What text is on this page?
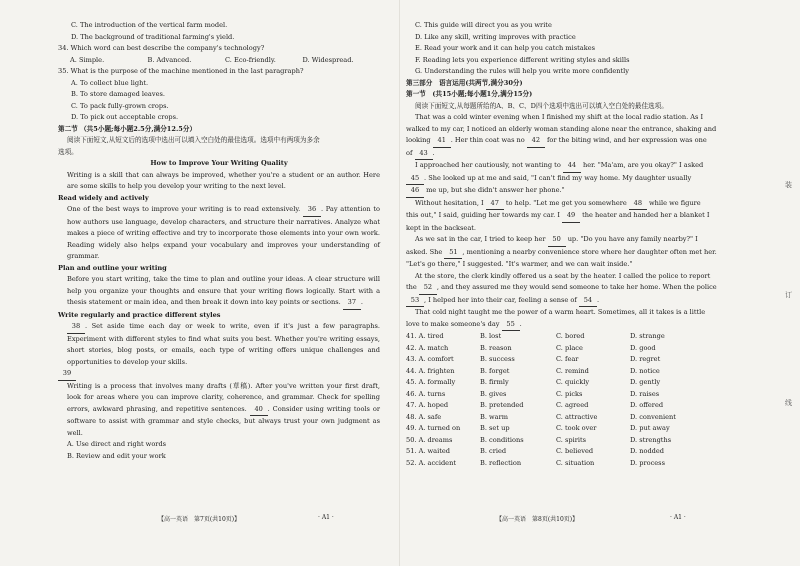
C. The introduction of the vertical farm model.
D. The background of traditional farming's yield.
34. Which word can best describe the company's technology?
A. Simple.	B. Advanced.	C. Eco-friendly.	D. Widespread.
35. What is the purpose of the machine mentioned in the last paragraph?
A. To collect blue light.
B. To store damaged leaves.
C. To pack fully-grown crops.
D. To pick out acceptable crops.
第二节 （共5小题;每小题2.5分,满分12.5分）
阅读下面短文,从短文后的选项中选出可以填入空白处的最佳选项。选项中有两项为多余
选项。
How to Improve Your Writing Quality
Writing is a skill that can always be improved, whether you're a student or an author. Here are some skills to help you develop your writing to the next level.
Read widely and actively
One of the best ways to improve your writing is to read extensively. 36 . Pay attention to how authors use language, develop characters, and structure their narratives. Analyze what makes a piece of writing effective and try to incorporate those elements into your own work. Reading widely also helps expand your vocabulary and improves your understanding of grammar.
Plan and outline your writing
Before you start writing, take the time to plan and outline your ideas. A clear structure will help you organize your thoughts and ensure that your writing flows logically. Start with a thesis statement or main idea, and then break it down into key points or sections. 37 .
Write regularly and practice different styles
38 . Set aside time each day or week to write, even if it's just a few paragraphs. Experiment with different styles to find what suits you best. Whether you're writing essays, short stories, blog posts, or emails, each type of writing offers unique challenges and opportunities to develop your skills.
39
Writing is a process that involves many drafts (草稿). After you've written your first draft, look for areas where you can improve clarity, coherence, and grammar. Check for spelling errors, awkward phrasing, and repetitive sentences. 40 . Consider using writing tools or software to assist with grammar and style checks, but always trust your own judgment as well.
A. Use direct and right words
B. Review and edit your work
【高一英语　第7页(共10页)】	· A1 ·
C. This guide will direct you as you write
D. Like any skill, writing improves with practice
E. Read your work and it can help you catch mistakes
F. Reading lets you experience different writing styles and skills
G. Understanding the rules will help you write more confidently
第三部分　语言运用(共两节,满分30分)
第一节　(共15小题;每小题1分,满分15分)
阅读下面短文,从每题所给的A、B、C、D四个选项中选出可以填入空白处的最佳选项。
That was a cold winter evening when I finished my shift at the local radio station. As I
walked to my car, I noticed an elderly woman standing alone near the entrance, shaking and
looking 41 . Her thin coat was no 42 for the biting wind, and her expression was one
of 43 .
I approached her cautiously, not wanting to 44 her. "Ma'am, are you okay?" I asked
45 . She looked up at me and said, "I can't find my way home. My daughter usually
46 me up, but she didn't answer her phone."
Without hesitation, I 47 to help. "Let me get you somewhere 48 while we figure
this out," I said, guiding her towards my car. I 49 the heater and handed her a blanket I
kept in the backseat.
As we sat in the car, I tried to keep her 50 up. "Do you have any family nearby?" I
asked. She 51 , mentioning a nearby convenience store where her daughter often met her.
"Let's go there," I suggested. "It's warmer, and we can wait inside."
At the store, the clerk kindly offered us a seat by the heater. I called the police to report
the 52 , and they assured me they would send someone to take her home. When the police
53 , I helped her into their car, feeling a sense of 54 .
That cold night taught me the power of a warm heart. Sometimes, all it takes is a little
love to make someone's day 55 .
41. A. tired	B. lost	C. bored	D. strange
42. A. match	B. reason	C. place	D. good
43. A. comfort	B. success	C. fear	D. regret
44. A. frighten	B. forget	C. remind	D. notice
45. A. formally	B. firmly	C. quickly	D. gently
46. A. turns	B. gives	C. picks	D. raises
47. A. hoped	B. pretended	C. agreed	D. offered
48. A. safe	B. warm	C. attractive	D. convenient
49. A. turned on	B. set up	C. took over	D. put away
50. A. dreams	B. conditions	C. spirits	D. strengths
51. A. waited	B. cried	C. believed	D. nodded
52. A. accident	B. reflection	C. situation	D. process
【高一英语　第8页(共10页)】	· A1 ·
装
订
线
